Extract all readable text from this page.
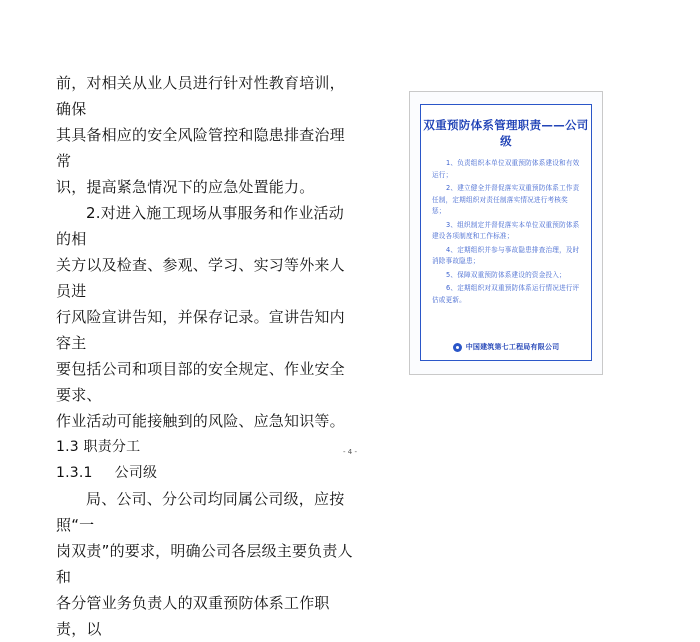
前，对相关从业人员进行针对性教育培训，确保

其具备相应的安全风险管控和隐患排查治理常

识，提高紧急情况下的应急处置能力。

2.对进入施工现场从事服务和作业活动的相

关方以及检查、参观、学习、实习等外来人员进

行风险宣讲告知，并保存记录。宣讲告知内容主

要包括公司和项目部的安全规定、作业安全要求、

作业活动可能接触到的风险、应急知识等。

1.3 职责分工

1.3.1 公司级

局、公司、分公司均同属公司级，应按照“一

岗双责”的要求，明确公司各层级主要负责人和

各分管业务负责人的双重预防体系工作职责，以

双重预防体系管理职责——公司级

1、负责组织本单位双重预防体系建设和有效运行；

2、建立健全并督促落实双重预防体系工作责任制，定期组织对责任制落实情况进行考核奖惩；

3、组织制定并督促落实本单位双重预防体系建设各项制度和工作标准；

4、定期组织并参与事故隐患排查治理，及时消除事故隐患；

5、保障双重预防体系建设的资金投入；

6、定期组织对双重预防体系运行情况进行评估或更新。

中国建筑第七工程局有限公司
- 4 -
